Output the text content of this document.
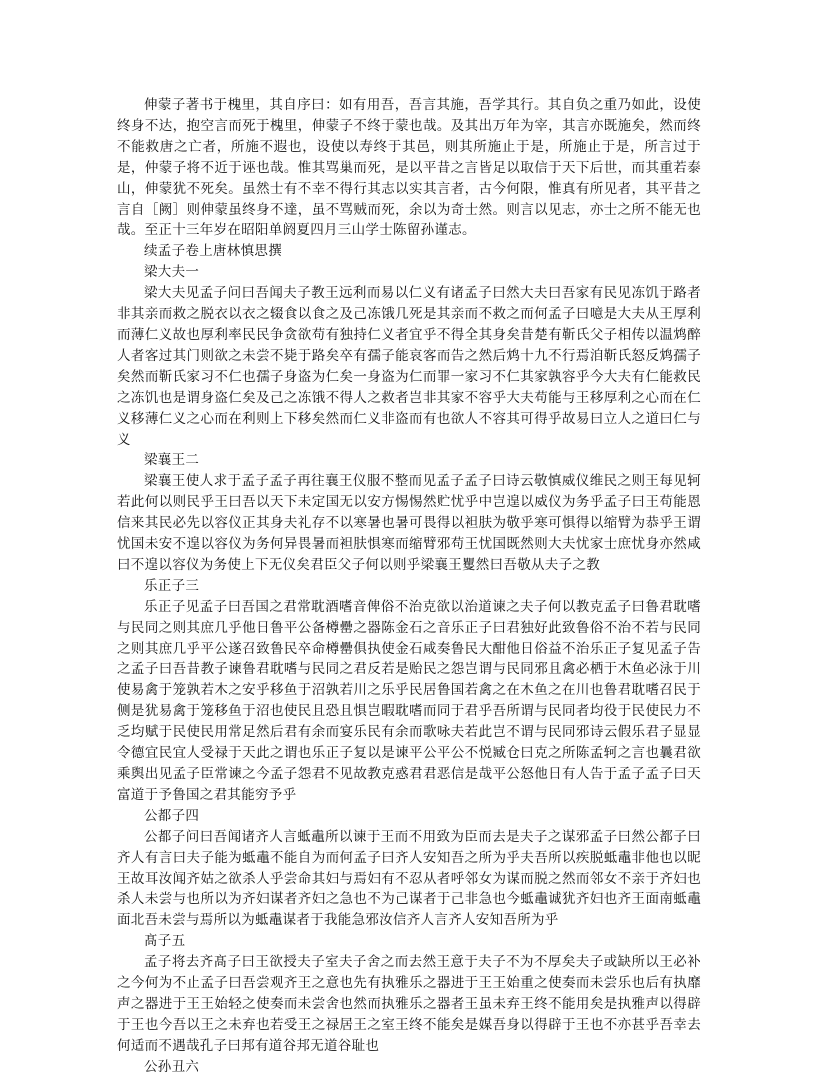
伸蒙子著书于槐里，其自序曰：如有用吾，吾言其施，吾学其行。其自负之重乃如此，设使终身不达，抱空言而死于槐里，伸蒙子不终于蒙也哉。及其出万年为宰，其言亦既施矣，然而终不能救唐之亡者，所施不遐也，设使以寿终于其邑，则其所施止于是，所施止于是，所言过于是，仲蒙子将不近于诬也哉。惟其骂巢而死，是以平昔之言皆足以取信于天下后世，而其重若泰山，伸蒙犹不死矣。虽然士有不幸不得行其志以实其言者，古今何限，惟真有所见者，其平昔之言自［阙］则伸蒙虽终身不達，虽不骂贼而死，余以为奇士然。则言以见志，亦士之所不能无也哉。至正十三年岁在昭阳单阏夏四月三山学士陈留孙谨志。

续孟子卷上唐林慎思撰

梁大夫一

梁大夫见孟子问曰吾闻夫子教王远利而易以仁义有诸孟子曰然大夫曰吾家有民见冻饥于路者非其亲而救之脱衣以衣之辍食以食之及己冻饿几死是其亲而不救之而何孟子曰噫是大夫从王厚利而薄仁义故也厚利率民民争贪欲苟有独持仁义者宜乎不得全其身矣昔楚有靳氏父子相传以温鸩醉人者客过其门则欲之未尝不毙于路矣卒有孺子能哀客而告之然后鸩十九不行焉洎靳氏怒反鸩孺子矣然而靳氏家习不仁也孺子身盗为仁矣一身盗为仁而罪一家习不仁其家孰容乎今大夫有仁能救民之冻饥也是谓身盗仁矣及己之冻饿不得人之救者岂非其家不容乎大夫苟能与王移厚利之心而在仁义移薄仁义之心而在利则上下移矣然而仁义非盗而有也欲人不容其可得乎故易曰立人之道曰仁与义

梁襄王二

梁襄王使人求于孟子孟子再往襄王仪服不整而见孟子孟子曰诗云敬慎威仪维民之则王每见轲若此何以则民乎王曰吾以天下未定国无以安方惕惕然贮忧乎中岂遑以威仪为务乎孟子曰王苟能恩信来其民必先以容仪正其身夫礼存不以寒暑也暑可畏得以袒肤为敬乎寒可惧得以缩臂为恭乎王谓忧国未安不遑以容仪为务何异畏暑而袒肤惧寒而缩臂邪苟王忧国既然则大夫忧家士庶忧身亦然咸曰不遑以容仪为务使上下无仪矣君臣父子何以则乎梁襄王矍然曰吾敬从夫子之教

乐正子三

乐正子见孟子曰吾国之君常耽酒嗜音俾俗不治克欲以治道谏之夫子何以教克孟子曰鲁君耽嗜与民同之则其庶几乎他日鲁平公备樽罍之器陈金石之音乐正子曰君独好此致鲁俗不治不若与民同之则其庶几乎平公遂召致鲁民卒命樽罍俱执使金石咸奏鲁民大酣他日俗益不治乐正子复见孟子告之孟子曰吾昔教子谏鲁君耽嗜与民同之君反若是贻民之怨岂谓与民同邪且禽必栖于木鱼必泳于川使易禽于笼孰若木之安乎移鱼于沼孰若川之乐乎民居鲁国若禽之在木鱼之在川也鲁君耽嗜召民于侧是犹易禽于笼移鱼于沼也使民且恐且惧岂暇耽嗜而同于君乎吾所谓与民同者均役于民使民力不乏均赋于民使民用常足然后君有余而宴乐民有余而歌咏夫若此岂不谓与民同邪诗云假乐君子显显令德宜民宜人受禄于天此之谓也乐正子复以是谏平公平公不悦臧仓曰克之所陈孟轲之言也曩君欲乘舆出见孟子臣常谏之今孟子怨君不见故教克惑君君恶信是哉平公怒他日有人告于孟子孟子曰天富道于予鲁国之君其能穷予乎

公都子四

公都子问曰吾闻诸齐人言蚳鼃所以谏于王而不用致为臣而去是夫子之谋邪孟子曰然公都子曰齐人有言曰夫子能为蚳鼃不能自为而何孟子曰齐人安知吾之所为乎夫吾所以疾脱蚳鼃非他也以昵王故耳汝闻齐姑之欲杀人乎尝命其妇与焉妇有不忍从者呼邻女为谋而脱之然而邻女不亲于齐妇也杀人未尝与也所以为齐妇谋者齐妇之急也不为己谋者于己非急也今蚳鼃诚犹齐妇也齐王面南蚳鼃面北吾未尝与焉所以为蚳鼃谋者于我能急邪汝信齐人言齐人安知吾所为乎

髙子五

孟子将去齐髙子曰王欲授夫子室夫子舍之而去然王意于夫子不为不厚矣夫子或缺所以王必补之今何为不止孟子曰吾尝观齐王之意也先有执雅乐之器进于王王始重之使奏而未尝乐也后有执靡声之器进于王王始轻之使奏而未尝舍也然而执雅乐之器者王虽未弃王终不能用矣是执雅声以得辟于王也今吾以王之未弃也若受王之禄居王之室王终不能矣是媒吾身以得辟于王也不亦甚乎吾幸去何适而不遇哉孔子曰邦有道谷邦无道谷耻也

公孙丑六
